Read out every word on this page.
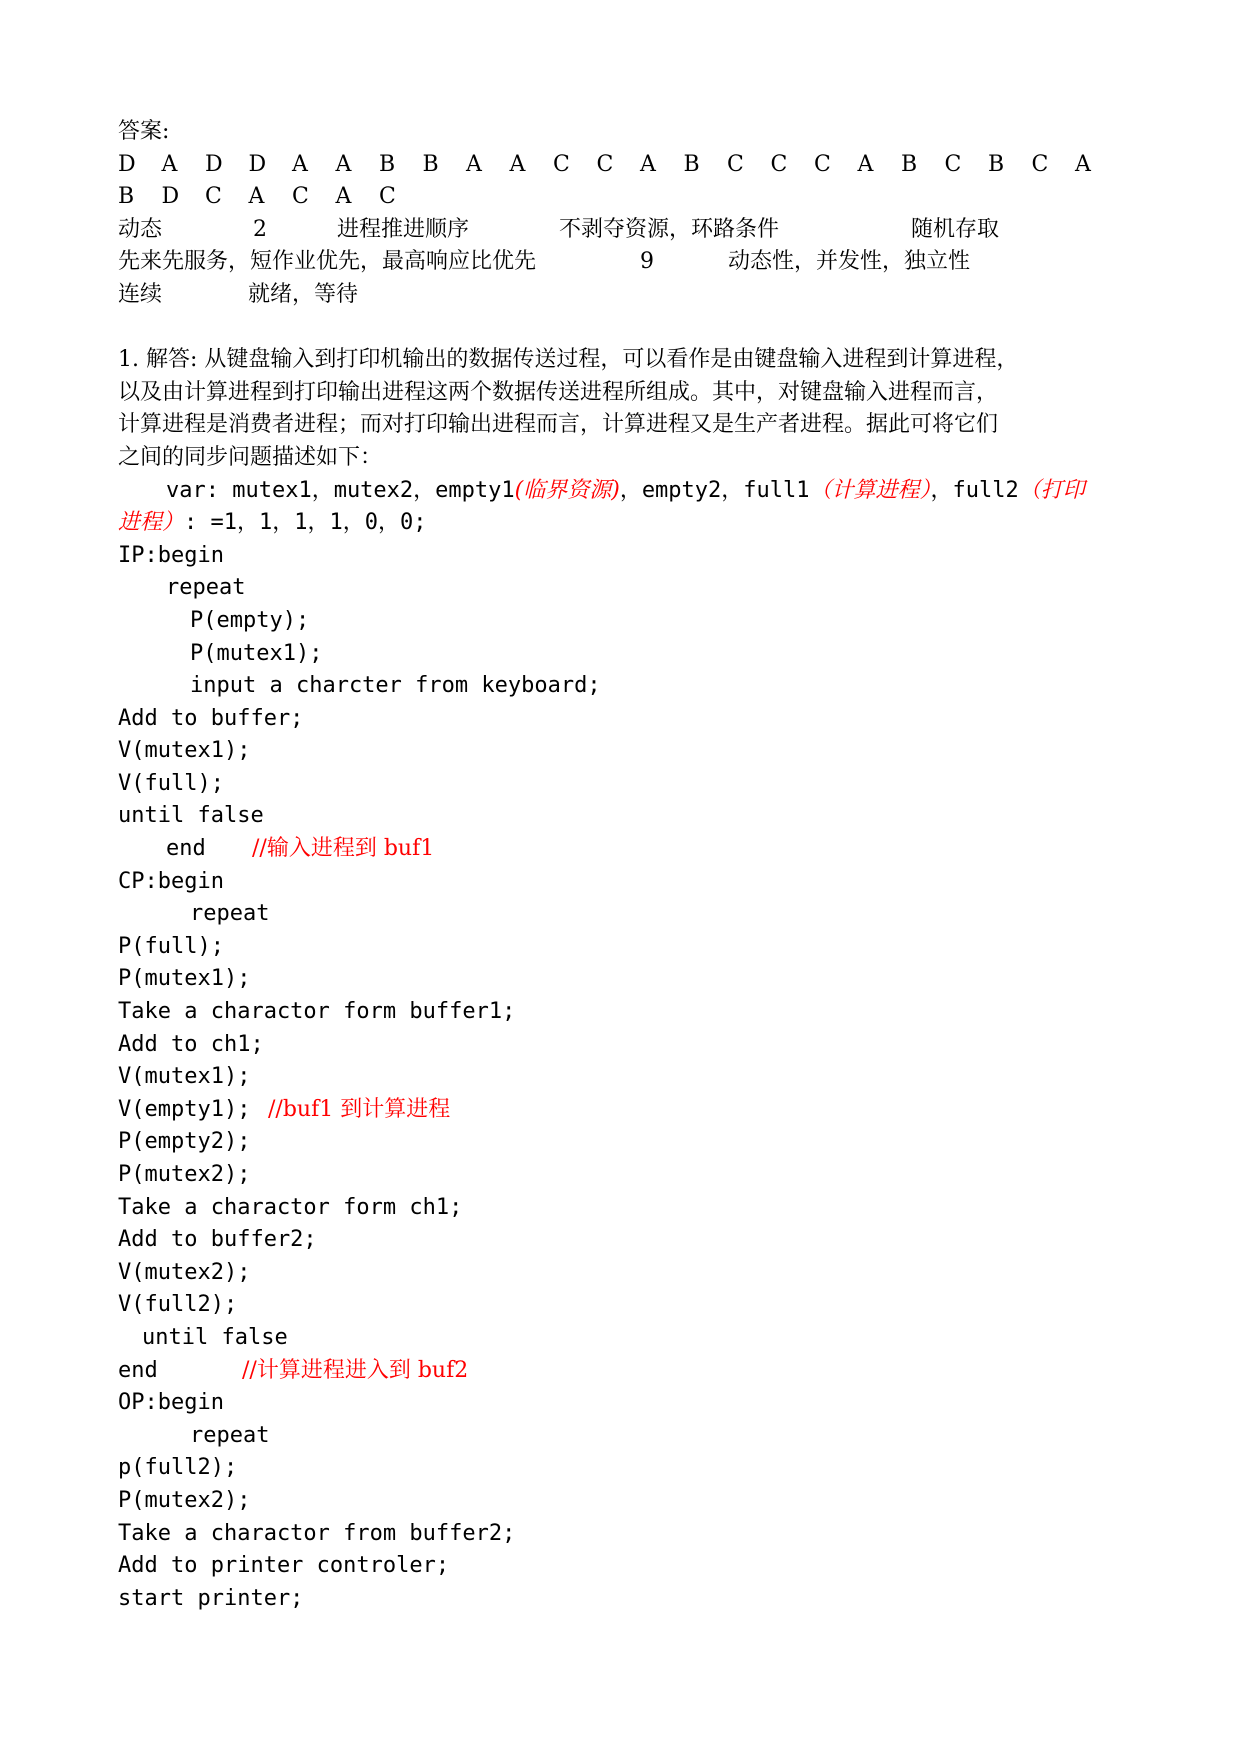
答案:
D	A	D	D	A	A	B	B	A	A	C	C	A	B	C	C	C	A	B	C	B	C	A
B	D	C	A	C	A	C
动态	2	进程推进顺序	不剥夺资源，环路条件	随机存取
先来先服务，短作业优先，最高响应比优先	9	动态性，并发性，独立性
连续	就绪，等待
1. 解答: 从键盘输入到打印机输出的数据传送过程，可以看作是由键盘输入进程到计算进程，
以及由计算进程到打印输出进程这两个数据传送进程所组成。其中，对键盘输入进程而言，
计算进程是消费者进程；而对打印输出进程而言，计算进程又是生产者进程。据此可将它们
之间的同步问题描述如下：
var: mutex1，mutex2，empty1(临界资源)，empty2，full1（计算进程），full2（打印
进程）: =1，1，1，1，0，0;
IP:begin
repeat
P(empty);
P(mutex1);
input a charcter from keyboard;
Add to buffer;
V(mutex1);
V(full);
until false
end //输入进程到 buf1
CP:begin
repeat
P(full);
P(mutex1);
Take a charactor form buffer1;
Add to ch1;
V(mutex1);
V(empty1); //buf1 到计算进程
P(empty2);
P(mutex2);
Take a charactor form ch1;
Add to buffer2;
V(mutex2);
V(full2);
until false
end	//计算进程进入到 buf2
OP:begin
repeat
p(full2);
P(mutex2);
Take a charactor from buffer2;
Add to printer controler;
start printer;
